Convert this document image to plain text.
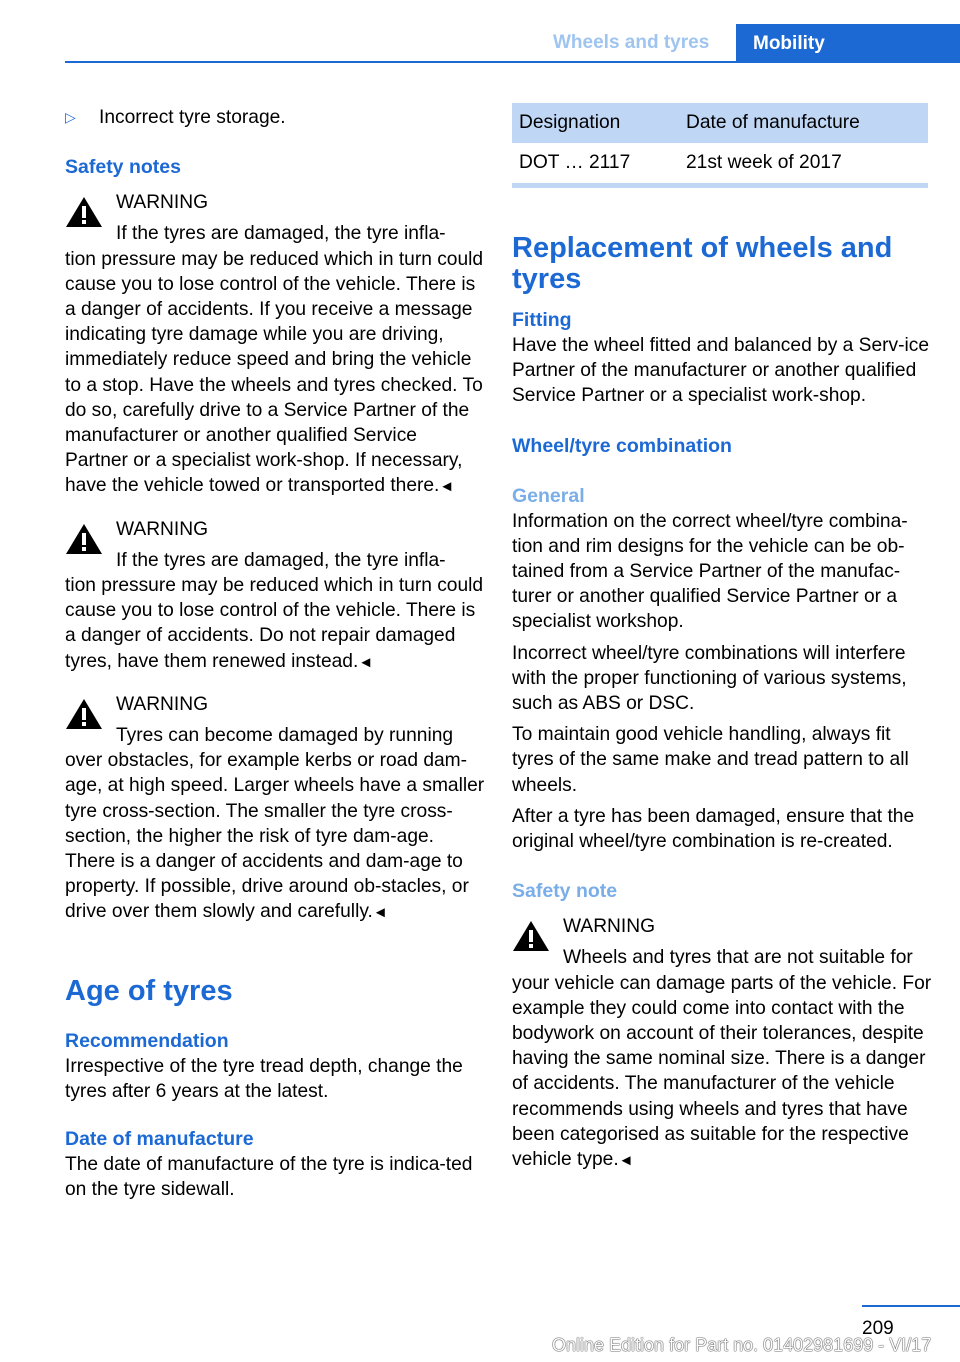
Wheels and tyres	Mobility
▷	Incorrect tyre storage.

Safety notes

WARNING
If the tyres are damaged, the tyre infla-

tion pressure may be reduced which in turn could cause you to lose control of the vehicle. There is a danger of accidents. If you receive a message indicating tyre damage while you are driving, immediately reduce speed and bring the vehicle to a stop. Have the wheels and tyres checked. To do so, carefully drive to a Service Partner of the manufacturer or another qualified Service Partner or a specialist work-shop. If necessary, have the vehicle towed or transported there.◄

WARNING
If the tyres are damaged, the tyre infla-

tion pressure may be reduced which in turn could cause you to lose control of the vehicle. There is a danger of accidents. Do not repair damaged tyres, have them renewed instead.◄

WARNING
Tyres can become damaged by running

over obstacles, for example kerbs or road dam-age, at high speed. Larger wheels have a smaller tyre cross-section. The smaller the tyre cross-section, the higher the risk of tyre dam-age. There is a danger of accidents and dam-age to property. If possible, drive around ob-stacles, or drive over them slowly and carefully.◄

Age of tyres

Recommendation

Irrespective of the tyre tread depth, change the tyres after 6 years at the latest.

Date of manufacture

The date of manufacture of the tyre is indica-ted on the tyre sidewall.

Designation	Date of manufacture
DOT … 2117	21st week of 2017

Replacement of wheels and tyres

Fitting

Have the wheel fitted and balanced by a Serv-ice Partner of the manufacturer or another qualified Service Partner or a specialist work-shop.

Wheel/tyre combination

General

Information on the correct wheel/tyre combina-tion and rim designs for the vehicle can be ob-tained from a Service Partner of the manufac-turer or another qualified Service Partner or a specialist workshop.

Incorrect wheel/tyre combinations will interfere with the proper functioning of various systems, such as ABS or DSC.

To maintain good vehicle handling, always fit tyres of the same make and tread pattern to all wheels.

After a tyre has been damaged, ensure that the original wheel/tyre combination is re-created.

Safety note

WARNING
Wheels and tyres that are not suitable for

your vehicle can damage parts of the vehicle. For example they could come into contact with the bodywork on account of their tolerances, despite having the same nominal size. There is a danger of accidents. The manufacturer of the vehicle recommends using wheels and tyres that have been categorised as suitable for the respective vehicle type.◄

209
Online Edition for Part no. 01402981699 - VI/17
